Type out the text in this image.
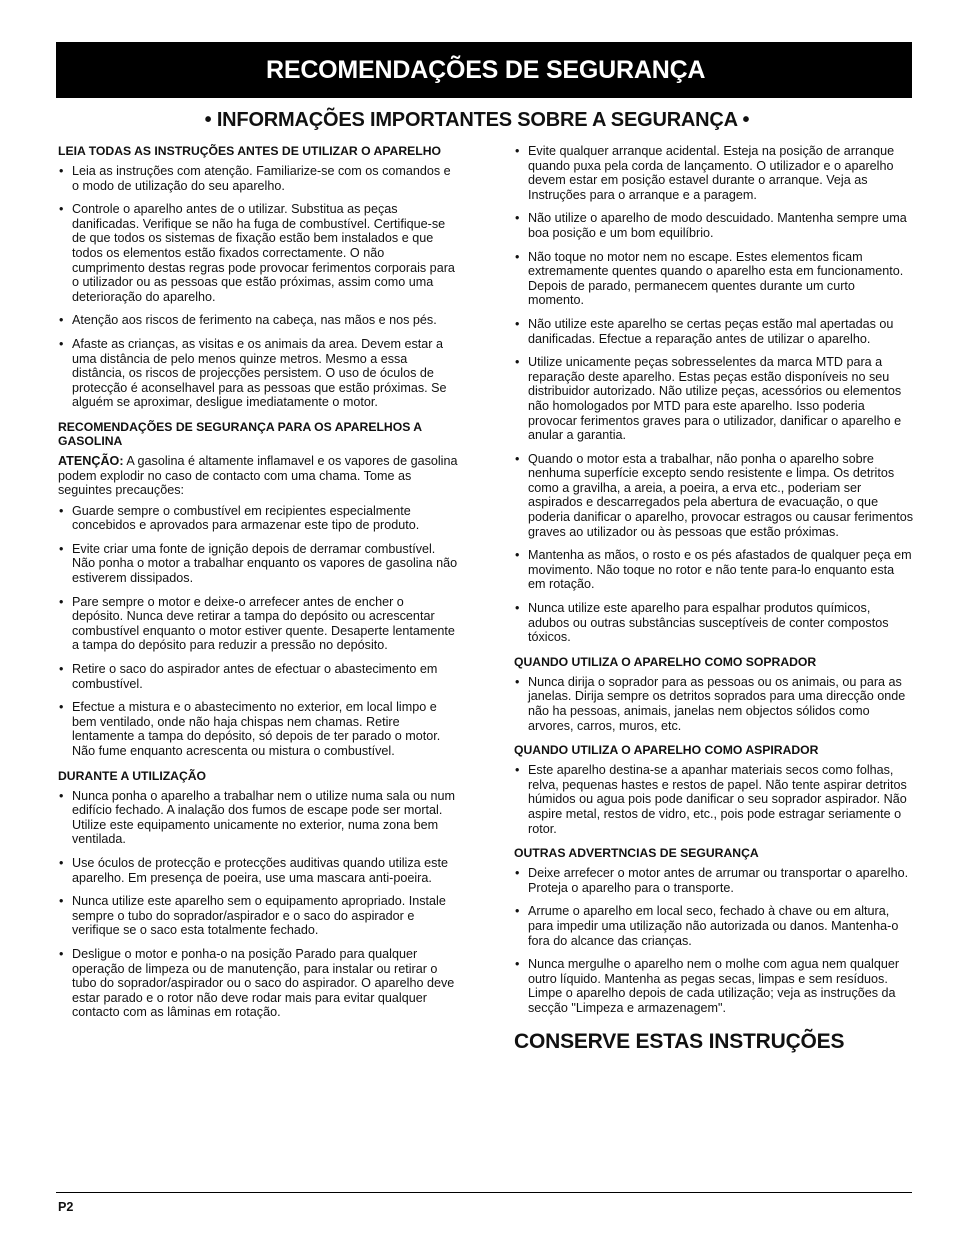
RECOMENDAÇÕES DE SEGURANÇA
• INFORMAÇÕES IMPORTANTES SOBRE A SEGURANÇA •
LEIA TODAS AS INSTRUÇÕES ANTES DE UTILIZAR O APARELHO
• Leia as instruções com atenção. Familiarize-se com os comandos e o modo de utilização do seu aparelho.
• Controle o aparelho antes de o utilizar. Substitua as peças danificadas. Verifique se não ha fuga de combustível. Certifique-se de que todos os sistemas de fixação estão bem instalados e que todos os elementos estão fixados correctamente. O não cumprimento destas regras pode provocar ferimentos corporais para o utilizador ou as pessoas que estão próximas, assim como uma deterioração do aparelho.
• Atenção aos riscos de ferimento na cabeça, nas mãos e nos pés.
• Afaste as crianças, as visitas e os animais da area. Devem estar a uma distância de pelo menos quinze metros. Mesmo a essa distância, os riscos de projecções persistem. O uso de óculos de protecção é aconselhavel para as pessoas que estão próximas. Se alguém se aproximar, desligue imediatamente o motor.
RECOMENDAÇÕES DE SEGURANÇA PARA OS APARELHOS A GASOLINA

ATENÇÃO: A gasolina é altamente inflamavel e os vapores de gasolina podem explodir no caso de contacto com uma chama. Tome as seguintes precauções:

• Guarde sempre o combustível em recipientes especialmente concebidos e aprovados para armazenar este tipo de produto.
• Evite criar uma fonte de ignição depois de derramar combustível. Não ponha o motor a trabalhar enquanto os vapores de gasolina não estiverem dissipados.
• Pare sempre o motor e deixe-o arrefecer antes de encher o depósito. Nunca deve retirar a tampa do depósito ou acrescentar combustível enquanto o motor estiver quente. Desaperte lentamente a tampa do depósito para reduzir a pressão no depósito.
• Retire o saco do aspirador antes de efectuar o abastecimento em combustível.
• Efectue a mistura e o abastecimento no exterior, em local limpo e bem ventilado, onde não haja chispas nem chamas. Retire lentamente a tampa do depósito, só depois de ter parado o motor. Não fume enquanto acrescenta ou mistura o combustível.
DURANTE A UTILIZAÇÃO
• Nunca ponha o aparelho a trabalhar nem o utilize numa sala ou num edifício fechado. A inalação dos fumos de escape pode ser mortal. Utilize este equipamento unicamente no exterior, numa zona bem ventilada.
• Use óculos de protecção e protecções auditivas quando utiliza este aparelho. Em presença de poeira, use uma mascara anti-poeira.
• Nunca utilize este aparelho sem o equipamento apropriado. Instale sempre o tubo do soprador/aspirador e o saco do aspirador e verifique se o saco esta totalmente fechado.
• Desligue o motor e ponha-o na posição Parado para qualquer operação de limpeza ou de manutenção, para instalar ou retirar o tubo do soprador/aspirador ou o saco do aspirador. O aparelho deve estar parado e o rotor não deve rodar mais para evitar qualquer contacto com as lâminas em rotação.
• Evite qualquer arranque acidental. Esteja na posição de arranque quando puxa pela corda de lançamento. O utilizador e o aparelho devem estar em posição estavel durante o arranque. Veja as Instruções para o arranque e a paragem.
• Não utilize o aparelho de modo descuidado. Mantenha sempre uma boa posição e um bom equilíbrio.
• Não toque no motor nem no escape. Estes elementos ficam extremamente quentes quando o aparelho esta em funcionamento. Depois de parado, permanecem quentes durante um curto momento.
• Não utilize este aparelho se certas peças estão mal apertadas ou danificadas. Efectue a reparação antes de utilizar o aparelho.
• Utilize unicamente peças sobresselentes da marca MTD para a reparação deste aparelho. Estas peças estão disponíveis no seu distribuidor autorizado. Não utilize peças, acessórios ou elementos não homologados por MTD para este aparelho. Isso poderia provocar ferimentos graves para o utilizador, danificar o aparelho e anular a garantia.
• Quando o motor esta a trabalhar, não ponha o aparelho sobre nenhuma superfície excepto sendo resistente e limpa. Os detritos como a gravilha, a areia, a poeira, a erva etc., poderiam ser aspirados e descarregados pela abertura de evacuação, o que poderia danificar o aparelho, provocar estragos ou causar ferimentos graves ao utilizador ou às pessoas que estão próximas.
• Mantenha as mãos, o rosto e os pés afastados de qualquer peça em movimento. Não toque no rotor e não tente para-lo enquanto esta em rotação.
• Nunca utilize este aparelho para espalhar produtos químicos, adubos ou outras substâncias susceptíveis de conter compostos tóxicos.
QUANDO UTILIZA O APARELHO COMO SOPRADOR
• Nunca dirija o soprador para as pessoas ou os animais, ou para as janelas. Dirija sempre os detritos soprados para uma direcção onde não ha pessoas, animais, janelas nem objectos sólidos como arvores, carros, muros, etc.
QUANDO UTILIZA O APARELHO COMO ASPIRADOR
• Este aparelho destina-se a apanhar materiais secos como folhas, relva, pequenas hastes e restos de papel. Não tente aspirar detritos húmidos ou agua pois pode danificar o seu soprador aspirador. Não aspire metal, restos de vidro, etc., pois pode estragar seriamente o rotor.
OUTRAS ADVERTNCIAS DE SEGURANÇA
• Deixe arrefecer o motor antes de arrumar ou transportar o aparelho. Proteja o aparelho para o transporte.
• Arrume o aparelho em local seco, fechado à chave ou em altura, para impedir uma utilização não autorizada ou danos. Mantenha-o fora do alcance das crianças.
• Nunca mergulhe o aparelho nem o molhe com agua nem qualquer outro líquido. Mantenha as pegas secas, limpas e sem resíduos. Limpe o aparelho depois de cada utilização; veja as instruções da secção "Limpeza e armazenagem".
CONSERVE ESTAS INSTRUÇÕES
P2
